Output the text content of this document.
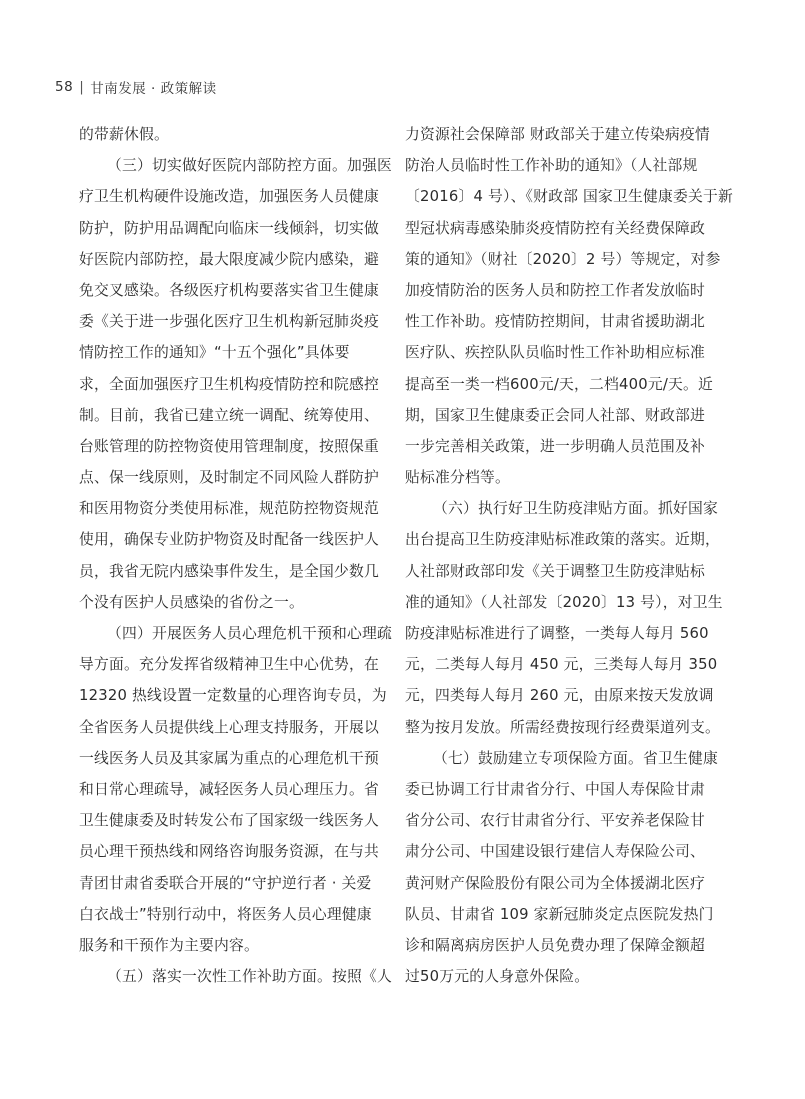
58 | 甘南发展 · 政策解读
的带薪休假。
（三）切实做好医院内部防控方面。加强医
疗卫生机构硬件设施改造，加强医务人员健康
防护，防护用品调配向临床一线倾斜，切实做
好医院内部防控，最大限度减少院内感染，避
免交叉感染。各级医疗机构要落实省卫生健康
委《关于进一步强化医疗卫生机构新冠肺炎疫
情防控工作的通知》“十五个强化”具体要
求，全面加强医疗卫生机构疫情防控和院感控
制。目前，我省已建立统一调配、统筹使用、
台账管理的防控物资使用管理制度，按照保重
点、保一线原则，及时制定不同风险人群防护
和医用物资分类使用标准，规范防控物资规范
使用，确保专业防护物资及时配备一线医护人
员，我省无院内感染事件发生，是全国少数几
个没有医护人员感染的省份之一。
（四）开展医务人员心理危机干预和心理疏
导方面。充分发挥省级精神卫生中心优势，在
12320 热线设置一定数量的心理咨询专员，为
全省医务人员提供线上心理支持服务，开展以
一线医务人员及其家属为重点的心理危机干预
和日常心理疏导，减轻医务人员心理压力。省
卫生健康委及时转发公布了国家级一线医务人
员心理干预热线和网络咨询服务资源，在与共
青团甘肃省委联合开展的“守护逆行者 · 关爱
白衣战士”特别行动中，将医务人员心理健康
服务和干预作为主要内容。
（五）落实一次性工作补助方面。按照《人
力资源社会保障部 财政部关于建立传染病疫情
防治人员临时性工作补助的通知》（人社部规
〔2016〕4 号）、《财政部 国家卫生健康委关于新
型冠状病毒感染肺炎疫情防控有关经费保障政
策的通知》（财社〔2020〕2 号）等规定，对参
加疫情防治的医务人员和防控工作者发放临时
性工作补助。疫情防控期间，甘肃省援助湖北
医疗队、疾控队队员临时性工作补助相应标准
提高至一类一档600元/天，二档400元/天。近
期，国家卫生健康委正会同人社部、财政部进
一步完善相关政策，进一步明确人员范围及补
贴标准分档等。
（六）执行好卫生防疫津贴方面。抓好国家
出台提高卫生防疫津贴标准政策的落实。近期，
人社部财政部印发《关于调整卫生防疫津贴标
准的通知》（人社部发〔2020〕13 号），对卫生
防疫津贴标准进行了调整，一类每人每月 560
元，二类每人每月 450 元，三类每人每月 350
元，四类每人每月 260 元，由原来按天发放调
整为按月发放。所需经费按现行经费渠道列支。
（七）鼓励建立专项保险方面。省卫生健康
委已协调工行甘肃省分行、中国人寿保险甘肃
省分公司、农行甘肃省分行、平安养老保险甘
肃分公司、中国建设银行建信人寿保险公司、
黄河财产保险股份有限公司为全体援湖北医疗
队员、甘肃省 109 家新冠肺炎定点医院发热门
诊和隔离病房医护人员免费办理了保障金额超
过50万元的人身意外保险。
